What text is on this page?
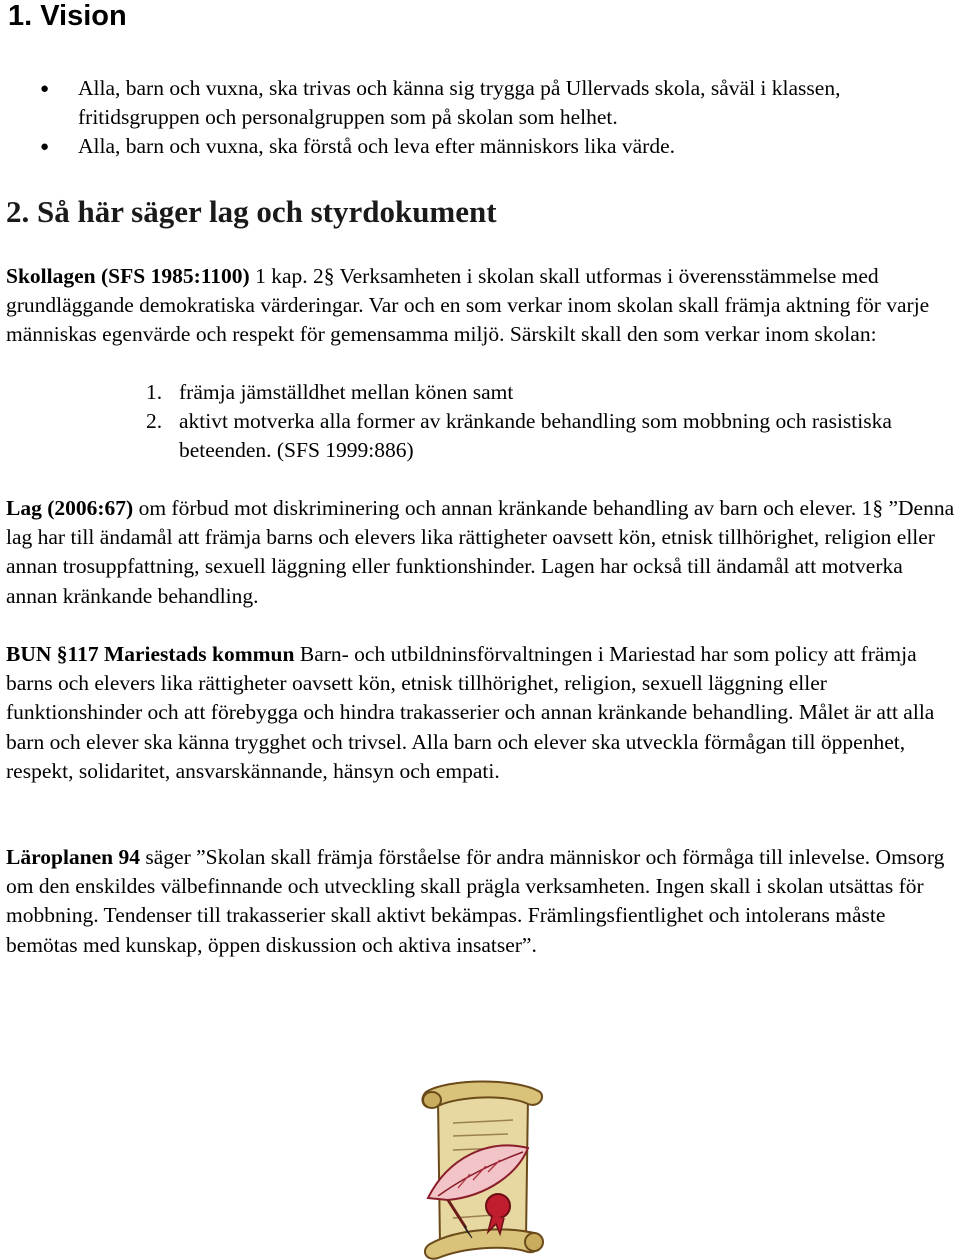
1. Vision
● Alla, barn och vuxna, ska trivas och känna sig trygga på Ullervads skola, såväl i klassen, fritidsgruppen och personalgruppen som på skolan som helhet.
● Alla, barn och vuxna, ska förstå och leva efter människors lika värde.
2. Så här säger lag och styrdokument

Skollagen (SFS 1985:1100) 1 kap. 2§ Verksamheten i skolan skall utformas i överensstämmelse med grundläggande demokratiska värderingar. Var och en som verkar inom skolan skall främja aktning för varje människas egenvärde och respekt för gemensamma miljö. Särskilt skall den som verkar inom skolan:

1. främja jämställdhet mellan könen samt
2. aktivt motverka alla former av kränkande behandling som mobbning och rasistiska beteenden. (SFS 1999:886)

Lag (2006:67) om förbud mot diskriminering och annan kränkande behandling av barn och elever. 1§ ”Denna lag har till ändamål att främja barns och elevers lika rättigheter oavsett kön, etnisk tillhörighet, religion eller annan trosuppfattning, sexuell läggning eller funktionshinder. Lagen har också till ändamål att motverka annan kränkande behandling.

BUN §117 Mariestads kommun Barn- och utbildninsförvaltningen i Mariestad har som policy att främja barns och elevers lika rättigheter oavsett kön, etnisk tillhörighet, religion, sexuell läggning eller funktionshinder och att förebygga och hindra trakasserier och annan kränkande behandling. Målet är att alla barn och elever ska känna trygghet och trivsel. Alla barn och elever ska utveckla förmågan till öppenhet, respekt, solidaritet, ansvarskännande, hänsyn och empati.

Läroplanen 94 säger ”Skolan skall främja förståelse för andra människor och förmåga till inlevelse. Omsorg om den enskildes välbefinnande och utveckling skall prägla verksamheten. Ingen skall i skolan utsättas för mobbning. Tendenser till trakasserier skall aktivt bekämpas. Främlingsfientlighet och intolerans måste bemötas med kunskap, öppen diskussion och aktiva insatser”.
